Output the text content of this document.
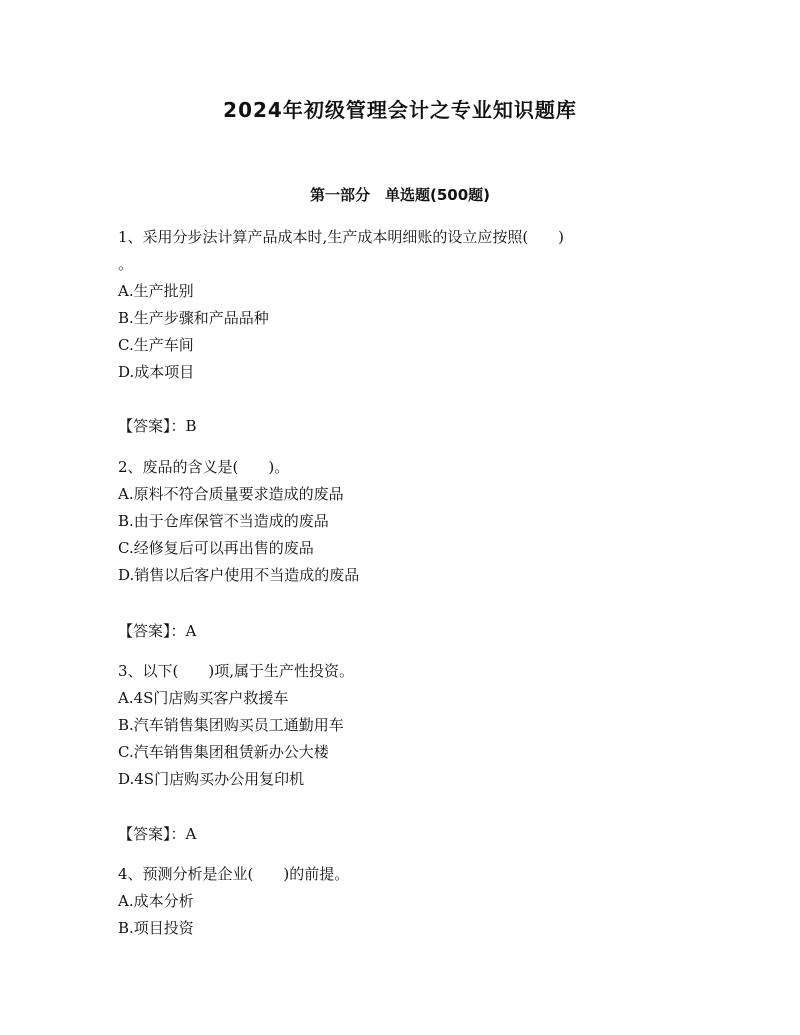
2024年初级管理会计之专业知识题库
第一部分　单选题(500题)
1、采用分步法计算产品成本时,生产成本明细账的设立应按照(　　)
。
A.生产批别
B.生产步骤和产品品种
C.生产车间
D.成本项目
【答案】：B
2、废品的含义是(　　)。
A.原料不符合质量要求造成的废品
B.由于仓库保管不当造成的废品
C.经修复后可以再出售的废品
D.销售以后客户使用不当造成的废品
【答案】：A
3、以下(　　)项,属于生产性投资。
A.4S门店购买客户救援车
B.汽车销售集团购买员工通勤用车
C.汽车销售集团租赁新办公大楼
D.4S门店购买办公用复印机
【答案】：A
4、预测分析是企业(　　)的前提。
A.成本分析
B.项目投资
